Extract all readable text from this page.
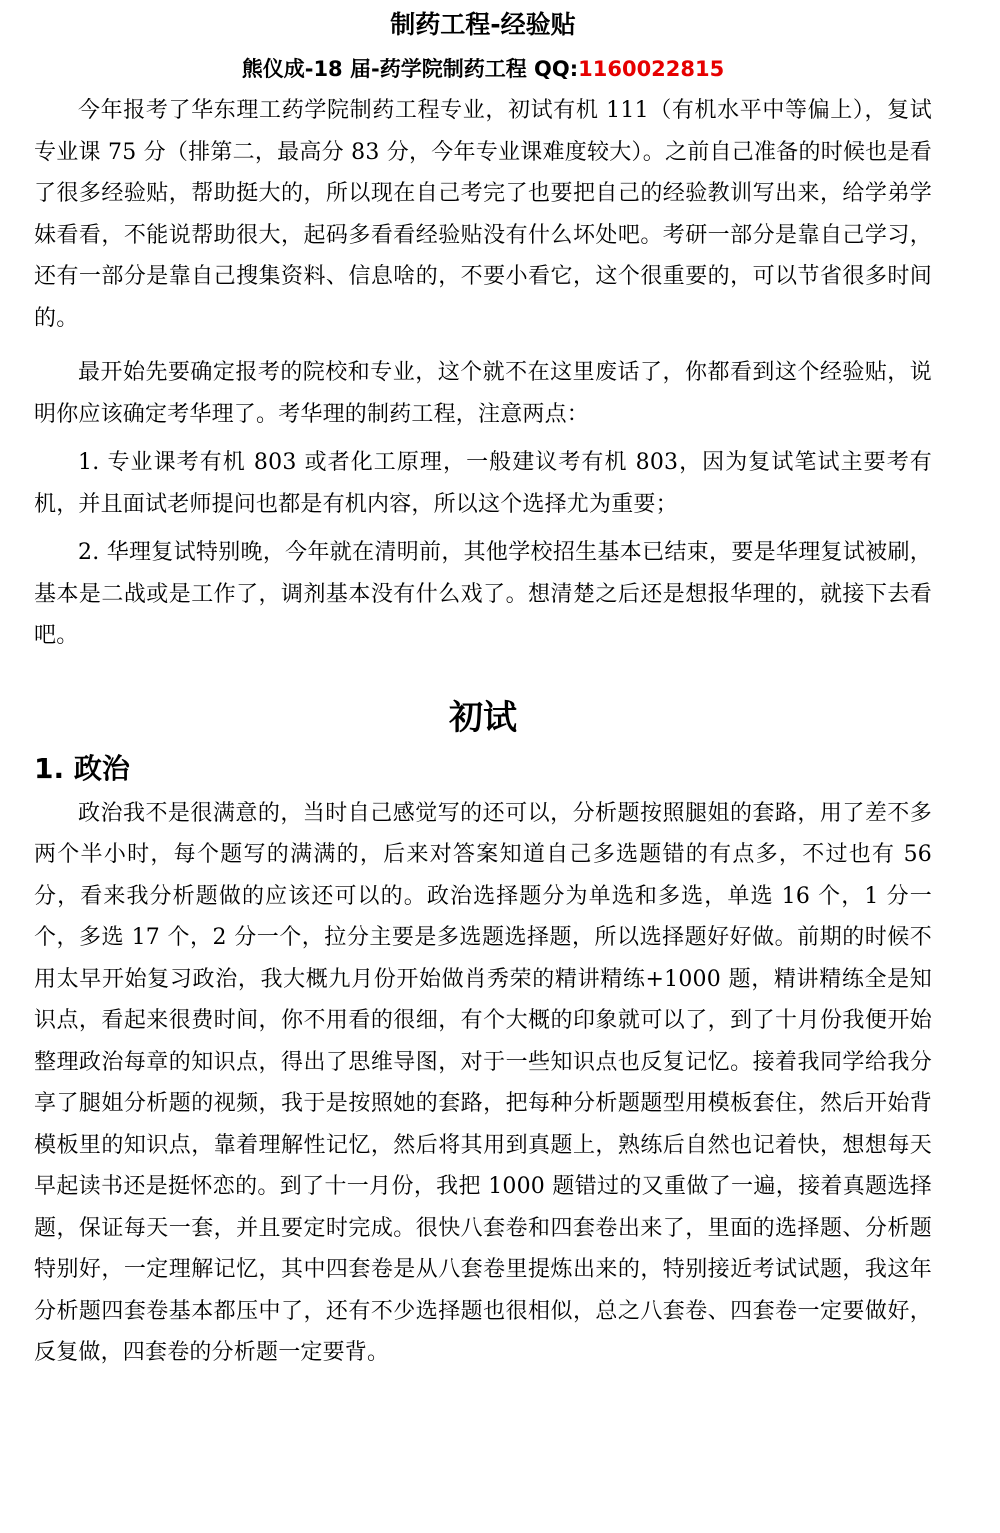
制药工程-经验贴
熊仪成-18 届-药学院制药工程 QQ:1160022815

今年报考了华东理工药学院制药工程专业，初试有机 111（有机水平中等偏上），复试专业课 75 分（排第二，最高分 83 分，今年专业课难度较大）。之前自己准备的时候也是看了很多经验贴，帮助挺大的，所以现在自己考完了也要把自己的经验教训写出来，给学弟学妹看看，不能说帮助很大，起码多看看经验贴没有什么坏处吧。考研一部分是靠自己学习，还有一部分是靠自己搜集资料、信息啥的，不要小看它，这个很重要的，可以节省很多时间的。

最开始先要确定报考的院校和专业，这个就不在这里废话了，你都看到这个经验贴，说明你应该确定考华理了。考华理的制药工程，注意两点：

1. 专业课考有机 803 或者化工原理，一般建议考有机 803，因为复试笔试主要考有机，并且面试老师提问也都是有机内容，所以这个选择尤为重要；

2. 华理复试特别晚，今年就在清明前，其他学校招生基本已结束，要是华理复试被刷，基本是二战或是工作了，调剂基本没有什么戏了。想清楚之后还是想报华理的，就接下去看吧。

初试
1. 政治

政治我不是很满意的，当时自己感觉写的还可以，分析题按照腿姐的套路，用了差不多两个半小时，每个题写的满满的，后来对答案知道自己多选题错的有点多，不过也有 56 分，看来我分析题做的应该还可以的。政治选择题分为单选和多选，单选 16 个，1 分一个，多选 17 个，2 分一个，拉分主要是多选题选择题，所以选择题好好做。前期的时候不用太早开始复习政治，我大概九月份开始做肖秀荣的精讲精练+1000 题，精讲精练全是知识点，看起来很费时间，你不用看的很细，有个大概的印象就可以了，到了十月份我便开始整理政治每章的知识点，得出了思维导图，对于一些知识点也反复记忆。接着我同学给我分享了腿姐分析题的视频，我于是按照她的套路，把每种分析题题型用模板套住，然后开始背模板里的知识点，靠着理解性记忆，然后将其用到真题上，熟练后自然也记着快，想想每天早起读书还是挺怀恋的。到了十一月份，我把 1000 题错过的又重做了一遍，接着真题选择题，保证每天一套，并且要定时完成。很快八套卷和四套卷出来了，里面的选择题、分析题特别好，一定理解记忆，其中四套卷是从八套卷里提炼出来的，特别接近考试试题，我这年分析题四套卷基本都压中了，还有不少选择题也很相似，总之八套卷、四套卷一定要做好，反复做，四套卷的分析题一定要背。
